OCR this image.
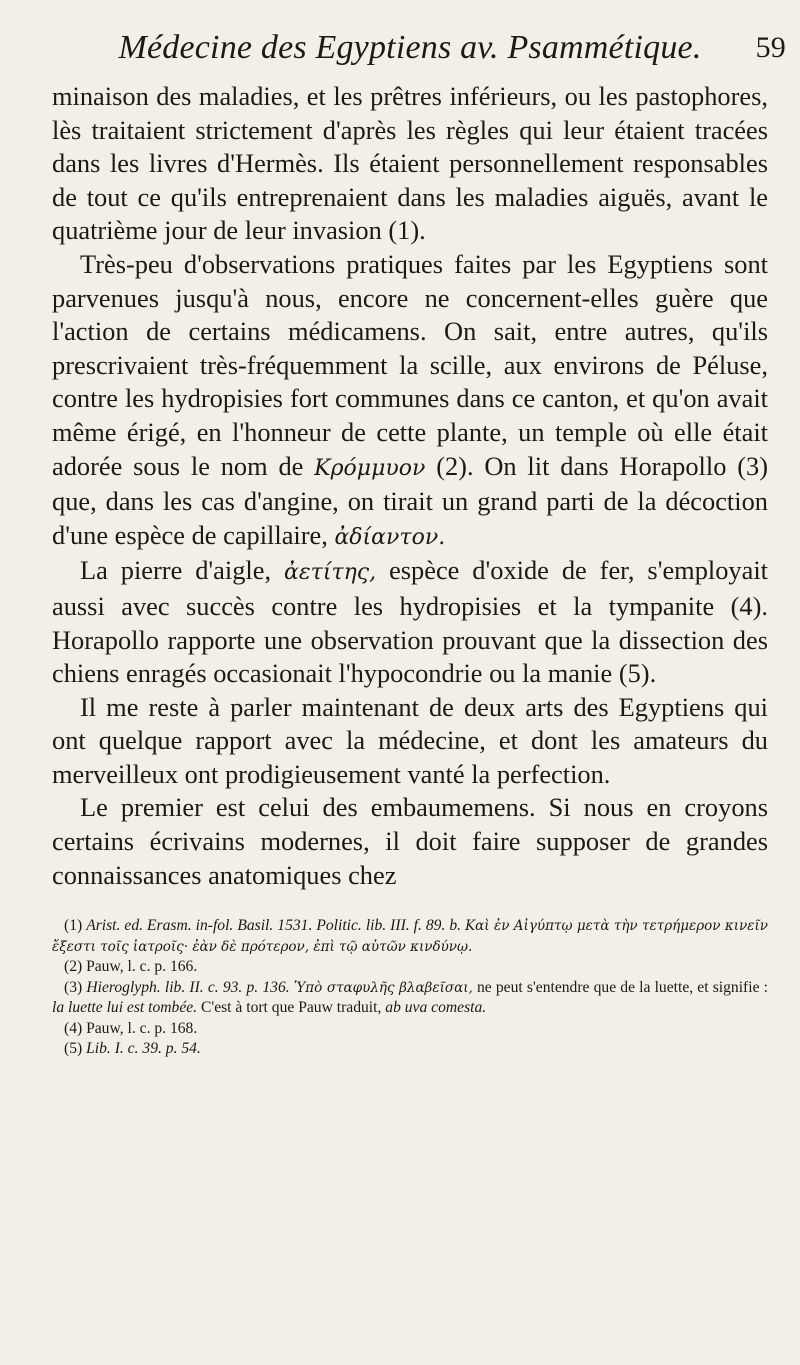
Médecine des Egyptiens av. Psammétique. 59

minaison des maladies, et les prêtres inférieurs, ou les pastophores, lès traitaient strictement d'après les règles qui leur étaient tracées dans les livres d'Hermès. Ils étaient personnellement responsables de tout ce qu'ils entreprenaient dans les maladies aiguës, avant le quatrième jour de leur invasion (1).

Très-peu d'observations pratiques faites par les Egyptiens sont parvenues jusqu'à nous, encore ne concernent-elles guère que l'action de certains médicamens. On sait, entre autres, qu'ils prescrivaient très-fréquemment la scille, aux environs de Péluse, contre les hydropisies fort communes dans ce canton, et qu'on avait même érigé, en l'honneur de cette plante, un temple où elle était adorée sous le nom de Κρόμμυον (2). On lit dans Horapollo (3) que, dans les cas d'angine, on tirait un grand parti de la décoction d'une espèce de capillaire, ἀδίαντον.

La pierre d'aigle, ἀετίτης, espèce d'oxide de fer, s'employait aussi avec succès contre les hydropisies et la tympanite (4). Horapollo rapporte une observation prouvant que la dissection des chiens enragés occasionait l'hypocondrie ou la manie (5).

Il me reste à parler maintenant de deux arts des Egyptiens qui ont quelque rapport avec la médecine, et dont les amateurs du merveilleux ont prodigieusement vanté la perfection.

Le premier est celui des embaumemens. Si nous en croyons certains écrivains modernes, il doit faire supposer de grandes connaissances anatomiques chez

(1) Arist. ed. Erasm. in-fol. Basil. 1531. Politic. lib. III. f. 89. b. Καὶ ἐν Αἰγύπτῳ μετὰ τὴν τετρήμερον κινεῖν ἔξεστι τοῖς ἰατροῖς· ἐὰν δὲ πρότερον, ἐπὶ τῷ αὑτῶν κινδύνῳ.

(2) Pauw, l. c. p. 166.

(3) Hieroglyph. lib. II. c. 93. p. 136. Ὑπὸ σταφυλῆς βλαβεῖσαι, ne peut s'entendre que de la luette, et signifie : la luette lui est tombée. C'est à tort que Pauw traduit, ab uva comesta.

(4) Pauw, l. c. p. 168.

(5) Lib. I. c. 39. p. 54.
